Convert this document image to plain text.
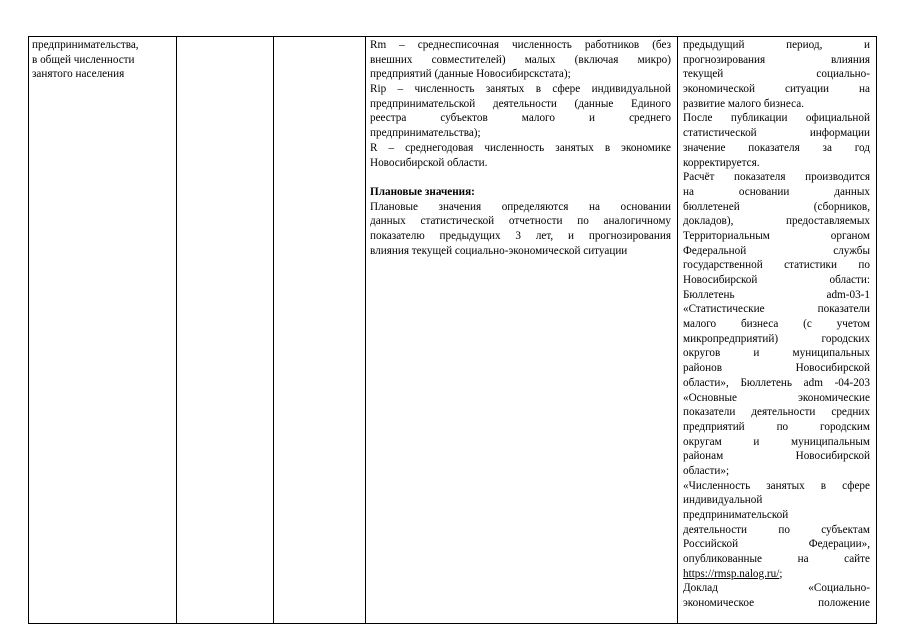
предпринимательства,
в общей численности
занятого населения
Rm – среднесписочная численность работников (без
внешних совместителей) малых (включая микро)
предприятий (данные Новосибирскстата);
Rip – численность занятых в сфере индивидуальной
предпринимательской деятельности (данные Единого
реестра субъектов малого и среднего
предпринимательства);
R – среднегодовая численность занятых в экономике
Новосибирской области.
Плановые значения:
Плановые значения определяются на основании
данных статистической отчетности по аналогичному
показателю предыдущих 3 лет, и прогнозирования
влияния текущей социально-экономической ситуации
предыдущий период, и
прогнозирования влияния
текущей социально-
экономической ситуации на
развитие малого бизнеса.
После публикации официальной
статистической информации
значение показателя за год
корректируется.
Расчёт показателя производится
на основании данных
бюллетеней (сборников,
докладов), предоставляемых
Территориальным органом
Федеральной службы
государственной статистики по
Новосибирской области:
Бюллетень adm-03-1
«Статистические показатели
малого бизнеса (с учетом
микропредприятий) городских
округов и муниципальных
районов Новосибирской
области», Бюллетень adm -04-203
«Основные экономические
показатели деятельности средних
предприятий по городским
округам и муниципальным
районам Новосибирской
области»;
«Численность занятых в сфере
индивидуальной
предпринимательской
деятельности по субъектам
Российской Федерации»,
опубликованные на сайте
https://rmsp.nalog.ru/;
Доклад «Социально-
экономическое положение
